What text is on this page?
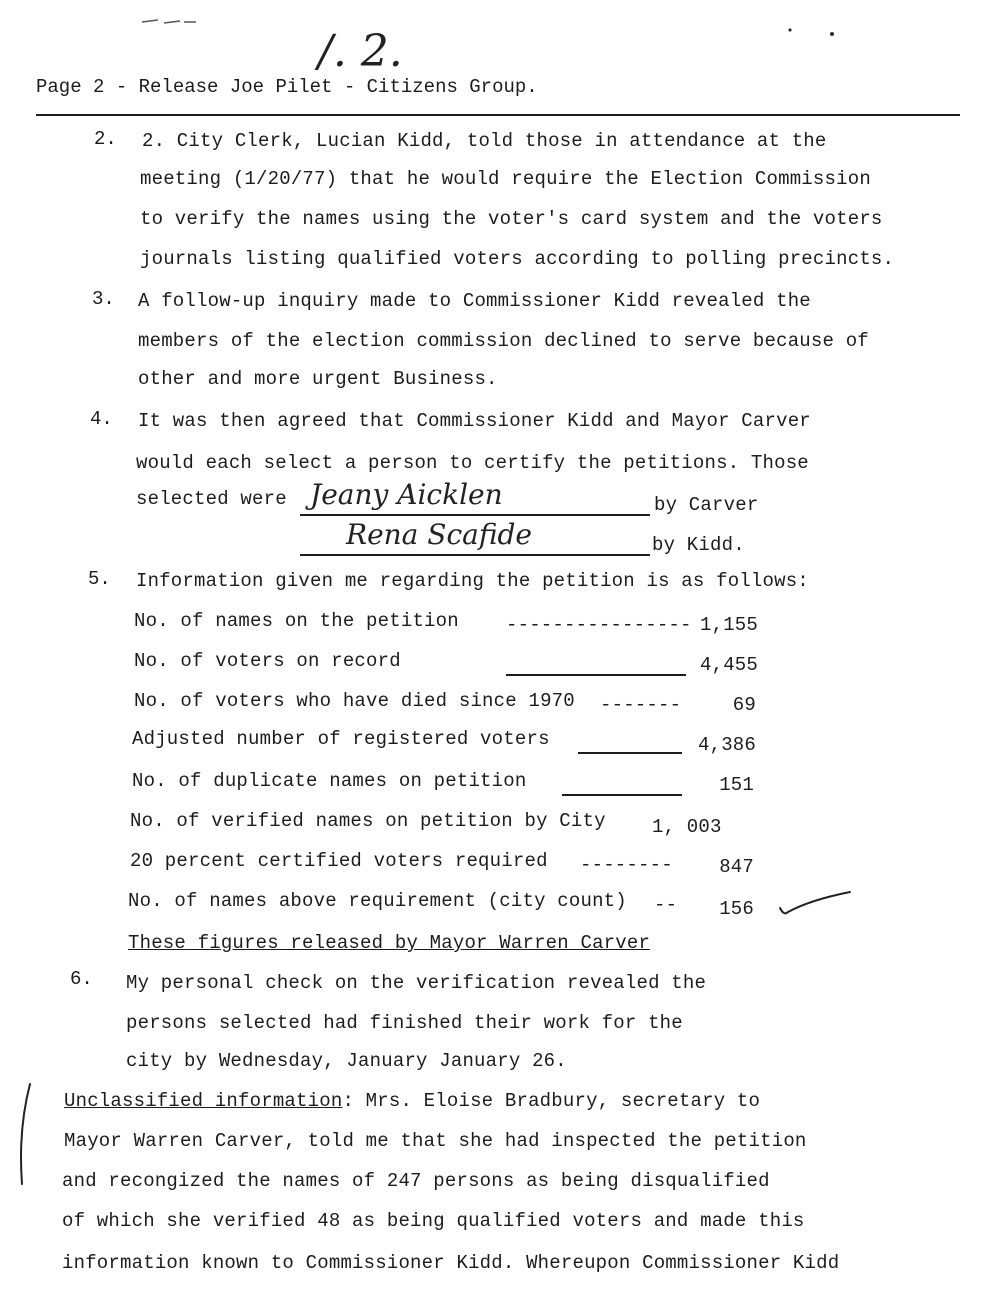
/. 2.
Page 2 - Release Joe Pilet - Citizens Group.
2. 2. City Clerk, Lucian Kidd, told those in attendance at the
meeting (1/20/77) that he would require the Election Commission
to verify the names using the voter's card system and the voters
journals listing qualified voters according to polling precincts.
3. A follow-up inquiry made to Commissioner Kidd revealed the
members of the election commission declined to serve because of
other and more urgent Business.
4. It was then agreed that Commissioner Kidd and Mayor Carver
would each select a person to certify the petitions. Those
selected were Jeany Aicklen	by Carver
Rena Scafide	by Kidd.
5. Information given me regarding the petition is as follows:
No. of names on the petition ---------------- 1,155
No. of voters on record	4,455
No. of voters who have died since 1970 -------	69
Adjusted number of registered voters	4,386
No. of duplicate names on petition	151
No. of verified names on petition by City 1, 003
20 percent certified voters required --------	847
No. of names above requirement (city count) --	156
These figures released by Mayor Warren Carver
6. My personal check on the verification revealed the
persons selected had finished their work for the
city by Wednesday, January January 26.
Unclassified information: Mrs. Eloise Bradbury, secretary to
Mayor Warren Carver, told me that she had inspected the petition
and recongized the names of 247 persons as being disqualified
of which she verified 48 as being qualified voters and made this
information known to Commissioner Kidd. Whereupon Commissioner Kidd
